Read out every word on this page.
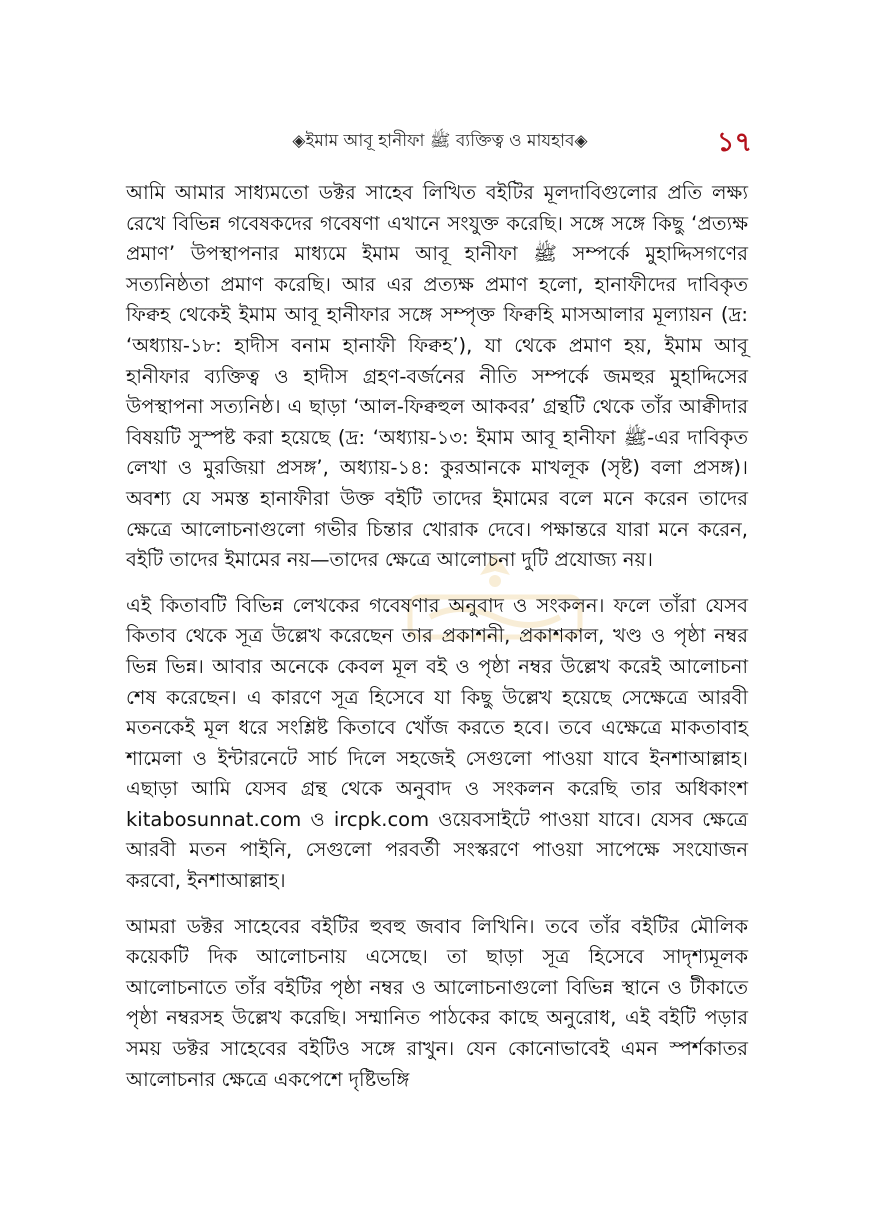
◈ইমাম আবূ হানীফা ﷺ ব্যক্তিত্ব ও মাযহাব◈	১৭

আমি আমার সাধ্যমতো ডক্টর সাহেব লিখিত বইটির মূলদাবিগুলোর প্রতি লক্ষ্য রেখে বিভিন্ন গবেষকদের গবেষণা এখানে সংযুক্ত করেছি। সঙ্গে সঙ্গে কিছু ‘প্রত্যক্ষ প্রমাণ’ উপস্থাপনার মাধ্যমে ইমাম আবূ হানীফা ﷺ সম্পর্কে মুহাদ্দিসগণের সত্যনিষ্ঠতা প্রমাণ করেছি। আর এর প্রত্যক্ষ প্রমাণ হলো, হানাফীদের দাবিকৃত ফিক্বহ থেকেই ইমাম আবূ হানীফার সঙ্গে সম্পৃক্ত ফিক্বহি মাসআলার মূল্যায়ন (দ্র: ‘অধ্যায়-১৮: হাদীস বনাম হানাফী ফিক্বহ’), যা থেকে প্রমাণ হয়, ইমাম আবূ হানীফার ব্যক্তিত্ব ও হাদীস গ্রহণ-বর্জনের নীতি সম্পর্কে জমহুর মুহাদ্দিসের উপস্থাপনা সত্যনিষ্ঠ। এ ছাড়া ‘আল-ফিক্বহুল আকবর’ গ্রন্থটি থেকে তাঁর আক্বীদার বিষয়টি সুস্পষ্ট করা হয়েছে (দ্র: ‘অধ্যায়-১৩: ইমাম আবূ হানীফা ﷺ-এর দাবিকৃত লেখা ও মুরজিয়া প্রসঙ্গ’, অধ্যায়-১৪: কুরআনকে মাখলূক (সৃষ্ট) বলা প্রসঙ্গ)। অবশ্য যে সমস্ত হানাফীরা উক্ত বইটি তাদের ইমামের বলে মনে করেন তাদের ক্ষেত্রে আলোচনাগুলো গভীর চিন্তার খোরাক দেবে। পক্ষান্তরে যারা মনে করেন, বইটি তাদের ইমামের নয়—তাদের ক্ষেত্রে আলোচনা দুটি প্রযোজ্য নয়।

এই কিতাবটি বিভিন্ন লেখকের গবেষণার অনুবাদ ও সংকলন। ফলে তাঁরা যেসব কিতাব থেকে সূত্র উল্লেখ করেছেন তার প্রকাশনী, প্রকাশকাল, খণ্ড ও পৃষ্ঠা নম্বর ভিন্ন ভিন্ন। আবার অনেকে কেবল মূল বই ও পৃষ্ঠা নম্বর উল্লেখ করেই আলোচনা শেষ করেছেন। এ কারণে সূত্র হিসেবে যা কিছু উল্লেখ হয়েছে সেক্ষেত্রে আরবী মতনকেই মূল ধরে সংশ্লিষ্ট কিতাবে খোঁজ করতে হবে। তবে এক্ষেত্রে মাকতাবাহ শামেলা ও ইন্টারনেটে সার্চ দিলে সহজেই সেগুলো পাওয়া যাবে ইনশাআল্লাহ। এছাড়া আমি যেসব গ্রন্থ থেকে অনুবাদ ও সংকলন করেছি তার অধিকাংশ kitabosunnat.com ও ircpk.com ওয়েবসাইটে পাওয়া যাবে। যেসব ক্ষেত্রে আরবী মতন পাইনি, সেগুলো পরবর্তী সংস্করণে পাওয়া সাপেক্ষে সংযোজন করবো, ইনশাআল্লাহ।

আমরা ডক্টর সাহেবের বইটির হুবহু জবাব লিখিনি। তবে তাঁর বইটির মৌলিক কয়েকটি দিক আলোচনায় এসেছে। তা ছাড়া সূত্র হিসেবে সাদৃশ্যমূলক আলোচনাতে তাঁর বইটির পৃষ্ঠা নম্বর ও আলোচনাগুলো বিভিন্ন স্থানে ও টীকাতে পৃষ্ঠা নম্বরসহ উল্লেখ করেছি। সম্মানিত পাঠকের কাছে অনুরোধ, এই বইটি পড়ার সময় ডক্টর সাহেবের বইটিও সঙ্গে রাখুন। যেন কোনোভাবেই এমন স্পর্শকাতর আলোচনার ক্ষেত্রে একপেশে দৃষ্টিভঙ্গি
